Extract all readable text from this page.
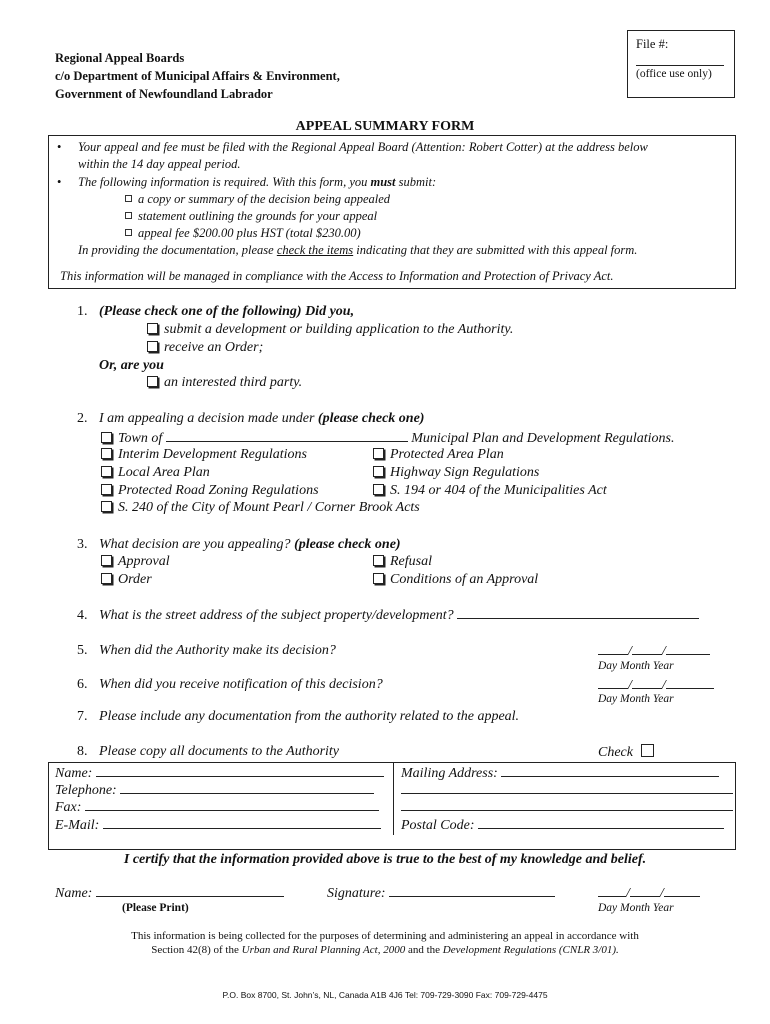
Regional Appeal Boards
c/o Department of Municipal Affairs & Environment,
Government of Newfoundland Labrador
File #:
(office use only)
APPEAL SUMMARY FORM
• Your appeal and fee must be filed with the Regional Appeal Board (Attention: Robert Cotter) at the address below
within the 14 day appeal period.
• The following information is required. With this form, you must submit:
a copy or summary of the decision being appealed
statement outlining the grounds for your appeal
appeal fee $200.00 plus HST (total $230.00)
In providing the documentation, please check the items indicating that they are submitted with this appeal form.
This information will be managed in compliance with the Access to Information and Protection of Privacy Act.
1. (Please check one of the following) Did you,
submit a development or building application to the Authority.
receive an Order;
Or, are you
an interested third party.
2. I am appealing a decision made under (please check one)
Town of	Municipal Plan and Development Regulations.
Interim Development Regulations	Protected Area Plan
Local Area Plan	Highway Sign Regulations
Protected Road Zoning Regulations	S. 194 or 404 of the Municipalities Act
S. 240 of the City of Mount Pearl / Corner Brook Acts
3. What decision are you appealing? (please check one)
Approval	Refusal
Order	Conditions of an Approval
4. What is the street address of the subject property/development?
5. When did the Authority make its decision?	/ /
Day Month Year
6. When did you receive notification of this decision?	/ /
Day Month Year
7. Please include any documentation from the authority related to the appeal.
8. Please copy all documents to the Authority	Check
Name:
Telephone:
Fax:
E-Mail:
Mailing Address:
Postal Code:
I certify that the information provided above is true to the best of my knowledge and belief.
Name:
(Please Print)
Signature:	/ /
Day Month Year
This information is being collected for the purposes of determining and administering an appeal in accordance with
Section 42(8) of the Urban and Rural Planning Act, 2000 and the Development Regulations (CNLR 3/01).
P.O. Box 8700, St. John’s, NL, Canada A1B 4J6 Tel: 709-729-3090 Fax: 709-729-4475
